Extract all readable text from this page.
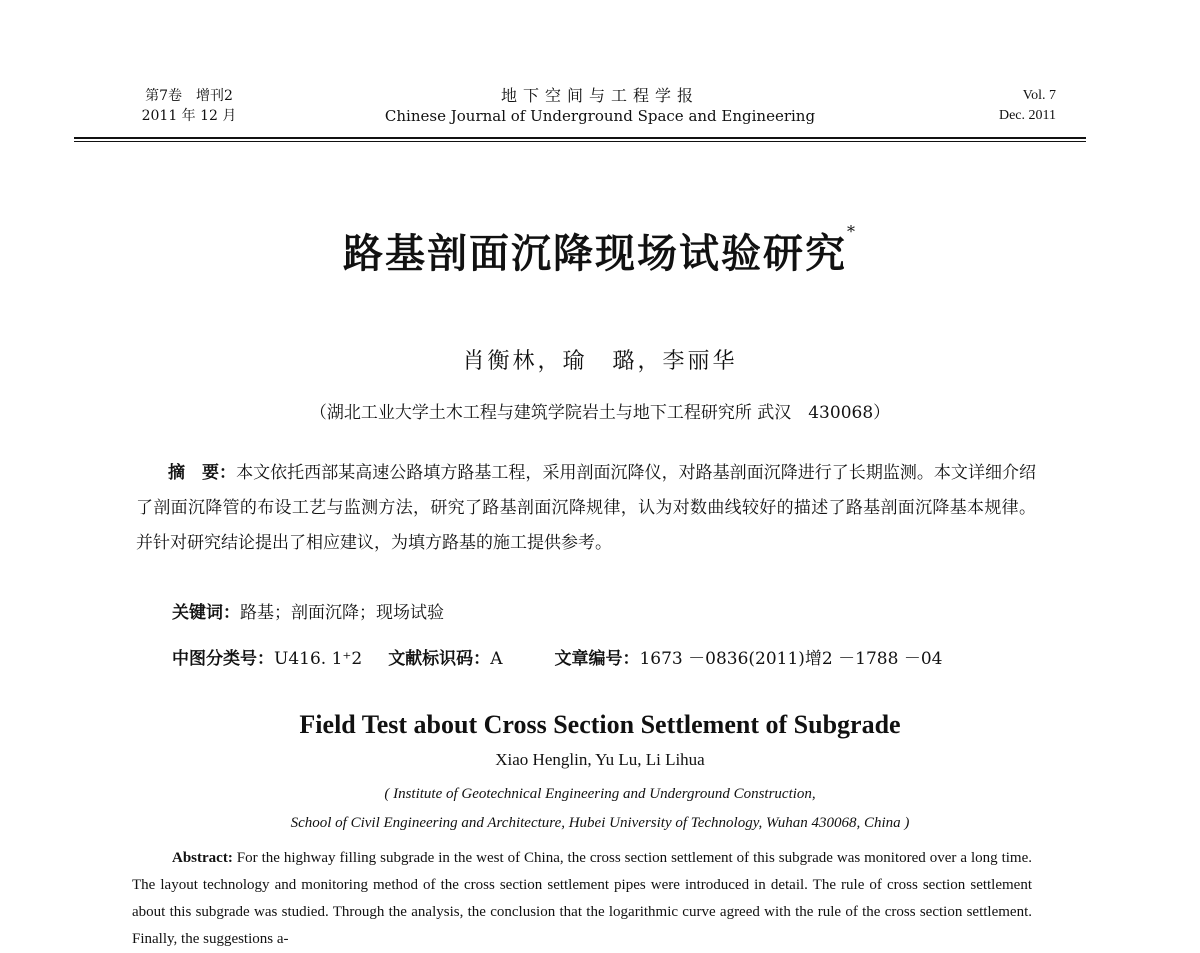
第7卷　增刊2
2011 年 12 月
地下空间与工程学报
Chinese Journal of Underground Space and Engineering
Vol. 7
Dec. 2011
路基剖面沉降现场试验研究*
肖衡林，瑜　璐，李丽华
（湖北工业大学土木工程与建筑学院岩土与地下工程研究所 武汉　430068）
摘　要：本文依托西部某高速公路填方路基工程，采用剖面沉降仪，对路基剖面沉降进行了长期监测。本文详细介绍了剖面沉降管的布设工艺与监测方法，研究了路基剖面沉降规律，认为对数曲线较好的描述了路基剖面沉降基本规律。并针对研究结论提出了相应建议，为填方路基的施工提供参考。
关键词：路基；剖面沉降；现场试验
中图分类号：U416. 1⁺2 文献标识码：A	文章编号：1673 －0836(2011)增2 －1788 －04
Field Test about Cross Section Settlement of Subgrade
Xiao Henglin, Yu Lu, Li Lihua
( Institute of Geotechnical Engineering and Underground Construction,
School of Civil Engineering and Architecture, Hubei University of Technology, Wuhan 430068, China )
Abstract: For the highway filling subgrade in the west of China, the cross section settlement of this subgrade was monitored over a long time. The layout technology and monitoring method of the cross section settlement pipes were introduced in detail. The rule of cross section settlement about this subgrade was studied. Through the analysis, the conclusion that the logarithmic curve agreed with the rule of the cross section settlement. Finally, the suggestions a-
